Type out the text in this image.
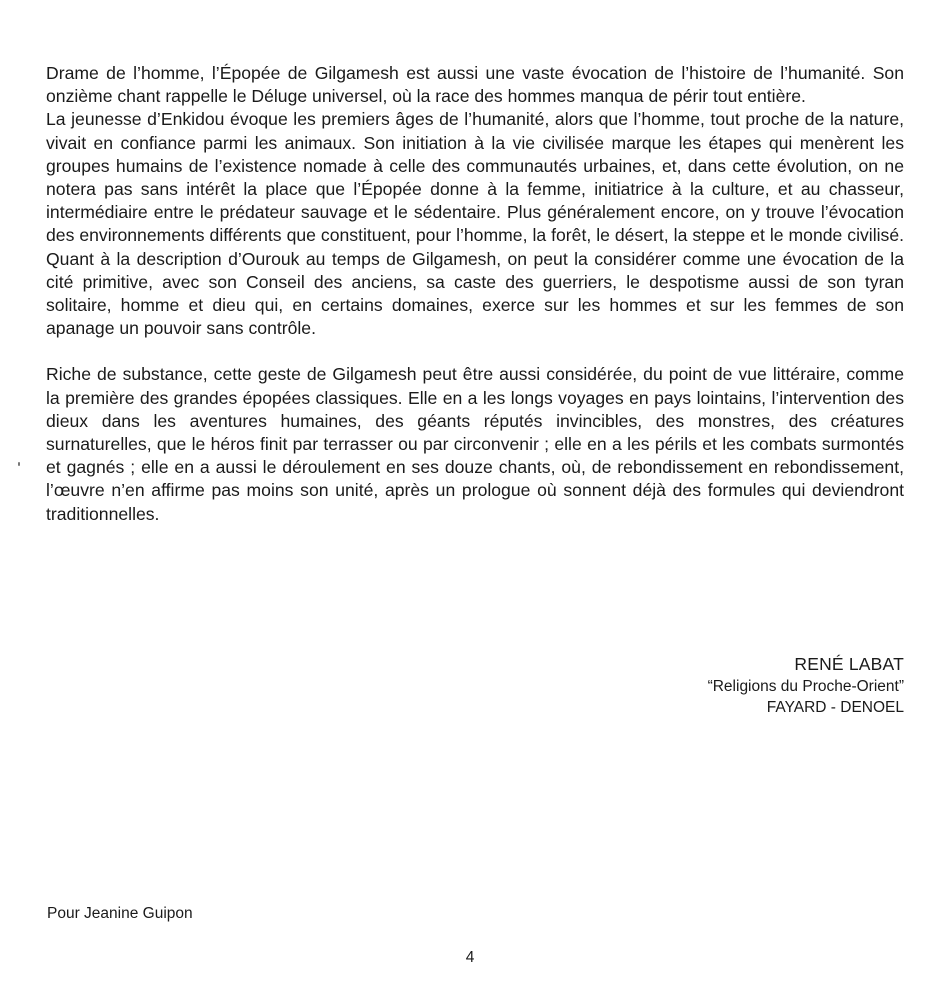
Drame de l’homme, l’Épopée de Gilgamesh est aussi une vaste évocation de l’histoire de l’humanité. Son onzième chant rappelle le Déluge universel, où la race des hommes manqua de périr tout entière.

La jeunesse d’Enkidou évoque les premiers âges de l’humanité, alors que l’homme, tout proche de la nature, vivait en confiance parmi les animaux. Son initiation à la vie civilisée marque les étapes qui menèrent les groupes humains de l’existence nomade à celle des communautés urbaines, et, dans cette évolution, on ne notera pas sans intérêt la place que l’Épopée donne à la femme, initiatrice à la culture, et au chasseur, intermédiaire entre le prédateur sauvage et le sédentaire. Plus généralement encore, on y trouve l’évocation des environnements différents que constituent, pour l’homme, la forêt, le désert, la steppe et le monde civilisé. Quant à la description d’Ourouk au temps de Gilgamesh, on peut la considérer comme une évocation de la cité primitive, avec son Conseil des anciens, sa caste des guerriers, le despotisme aussi de son tyran solitaire, homme et dieu qui, en certains domaines, exerce sur les hommes et sur les femmes de son apanage un pouvoir sans contrôle.

Riche de substance, cette geste de Gilgamesh peut être aussi considérée, du point de vue littéraire, comme la première des grandes épopées classiques. Elle en a les longs voyages en pays lointains, l’intervention des dieux dans les aventures humaines, des géants réputés invincibles, des monstres, des créatures surnaturelles, que le héros finit par terrasser ou par circonvenir ; elle en a les périls et les combats surmontés et gagnés ; elle en a aussi le déroulement en ses douze chants, où, de rebondissement en rebondissement, l’œuvre n’en affirme pas moins son unité, après un prologue où sonnent déjà des formules qui deviendront traditionnelles.

RENÉ LABAT
“Religions du Proche-Orient”
FAYARD - DENOEL
Pour Jeanine Guipon
4
